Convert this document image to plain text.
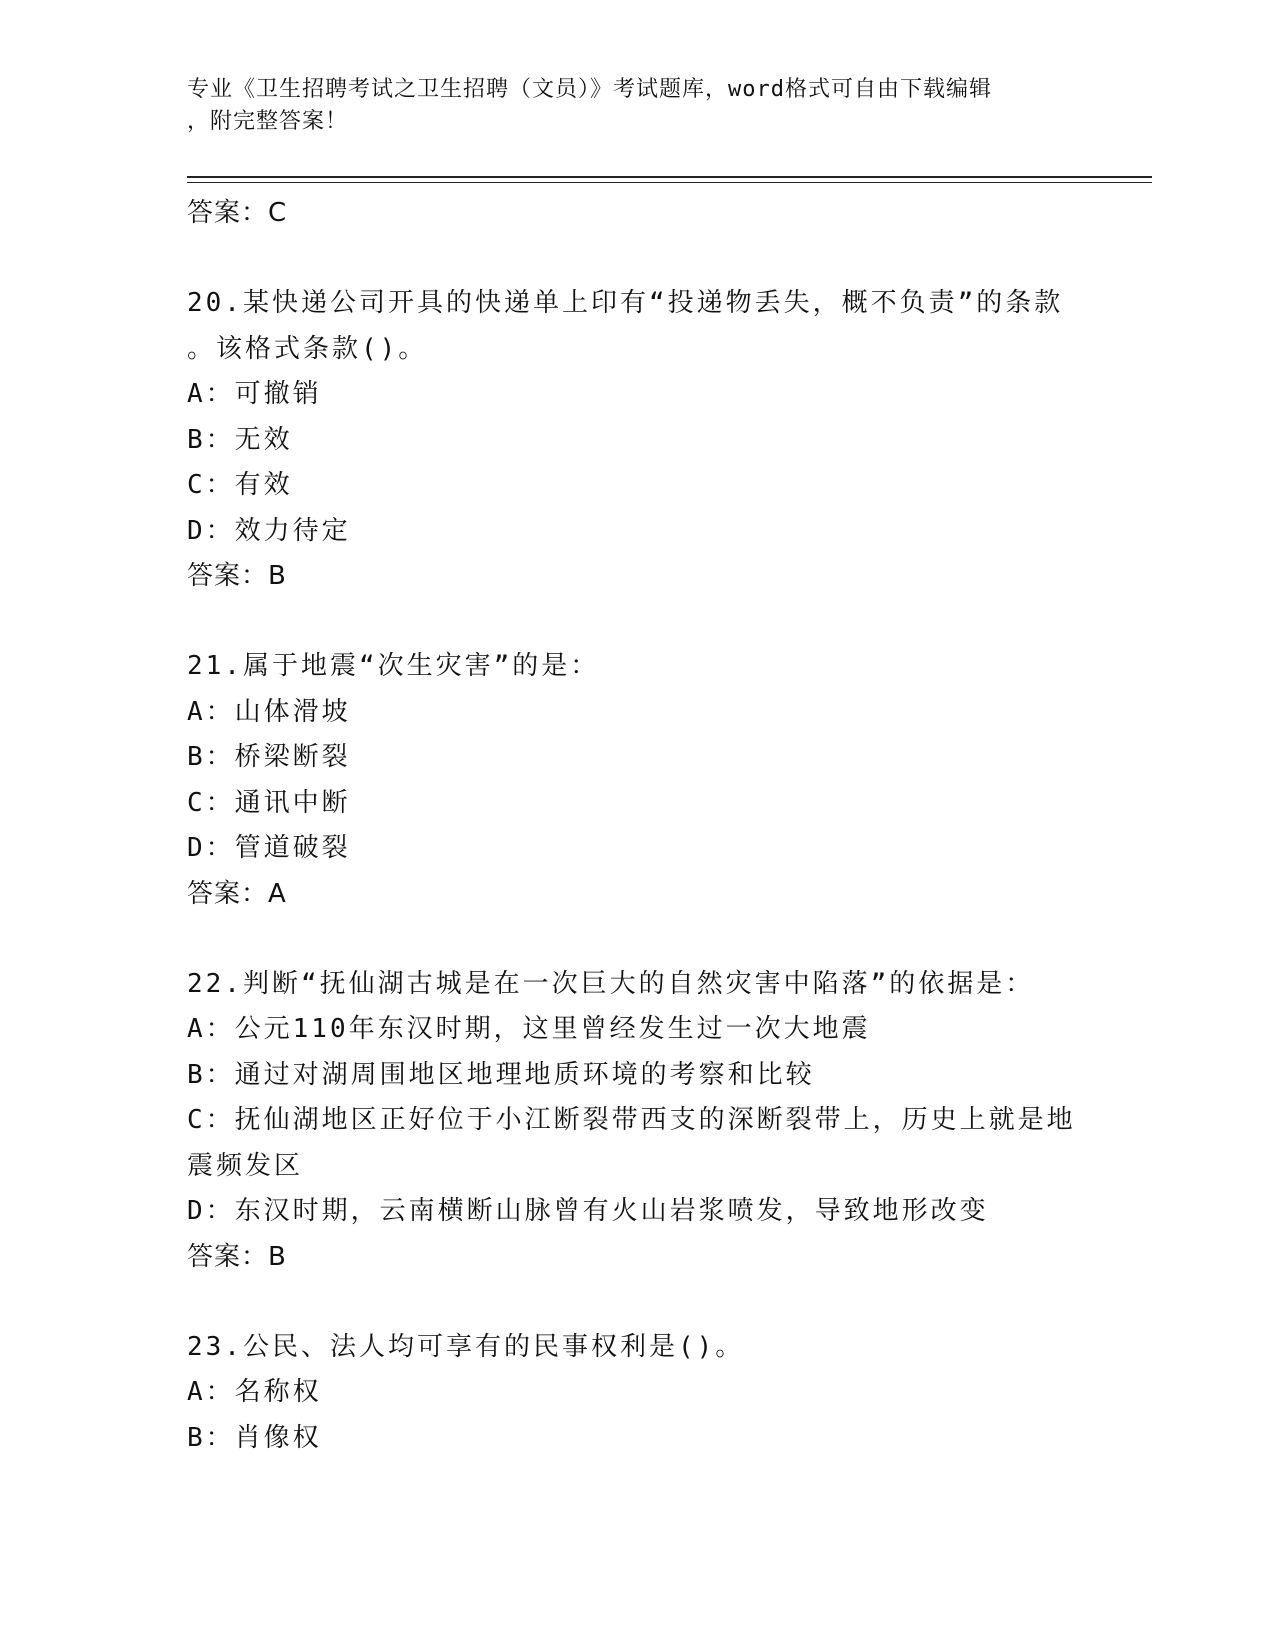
专业《卫生招聘考试之卫生招聘（文员）》考试题库，word格式可自由下载编辑
，附完整答案！

答案：C

20.某快递公司开具的快递单上印有“投递物丢失，概不负责”的条款

。该格式条款()。

A：可撤销

B：无效

C：有效

D：效力待定

答案：B

21.属于地震“次生灾害”的是：

A：山体滑坡

B：桥梁断裂

C：通讯中断

D：管道破裂

答案：A

22.判断“抚仙湖古城是在一次巨大的自然灾害中陷落”的依据是：

A：公元110年东汉时期，这里曾经发生过一次大地震

B：通过对湖周围地区地理地质环境的考察和比较

C：抚仙湖地区正好位于小江断裂带西支的深断裂带上，历史上就是地

震频发区

D：东汉时期，云南横断山脉曾有火山岩浆喷发，导致地形改变

答案：B

23.公民、法人均可享有的民事权利是()。

A：名称权

B：肖像权
